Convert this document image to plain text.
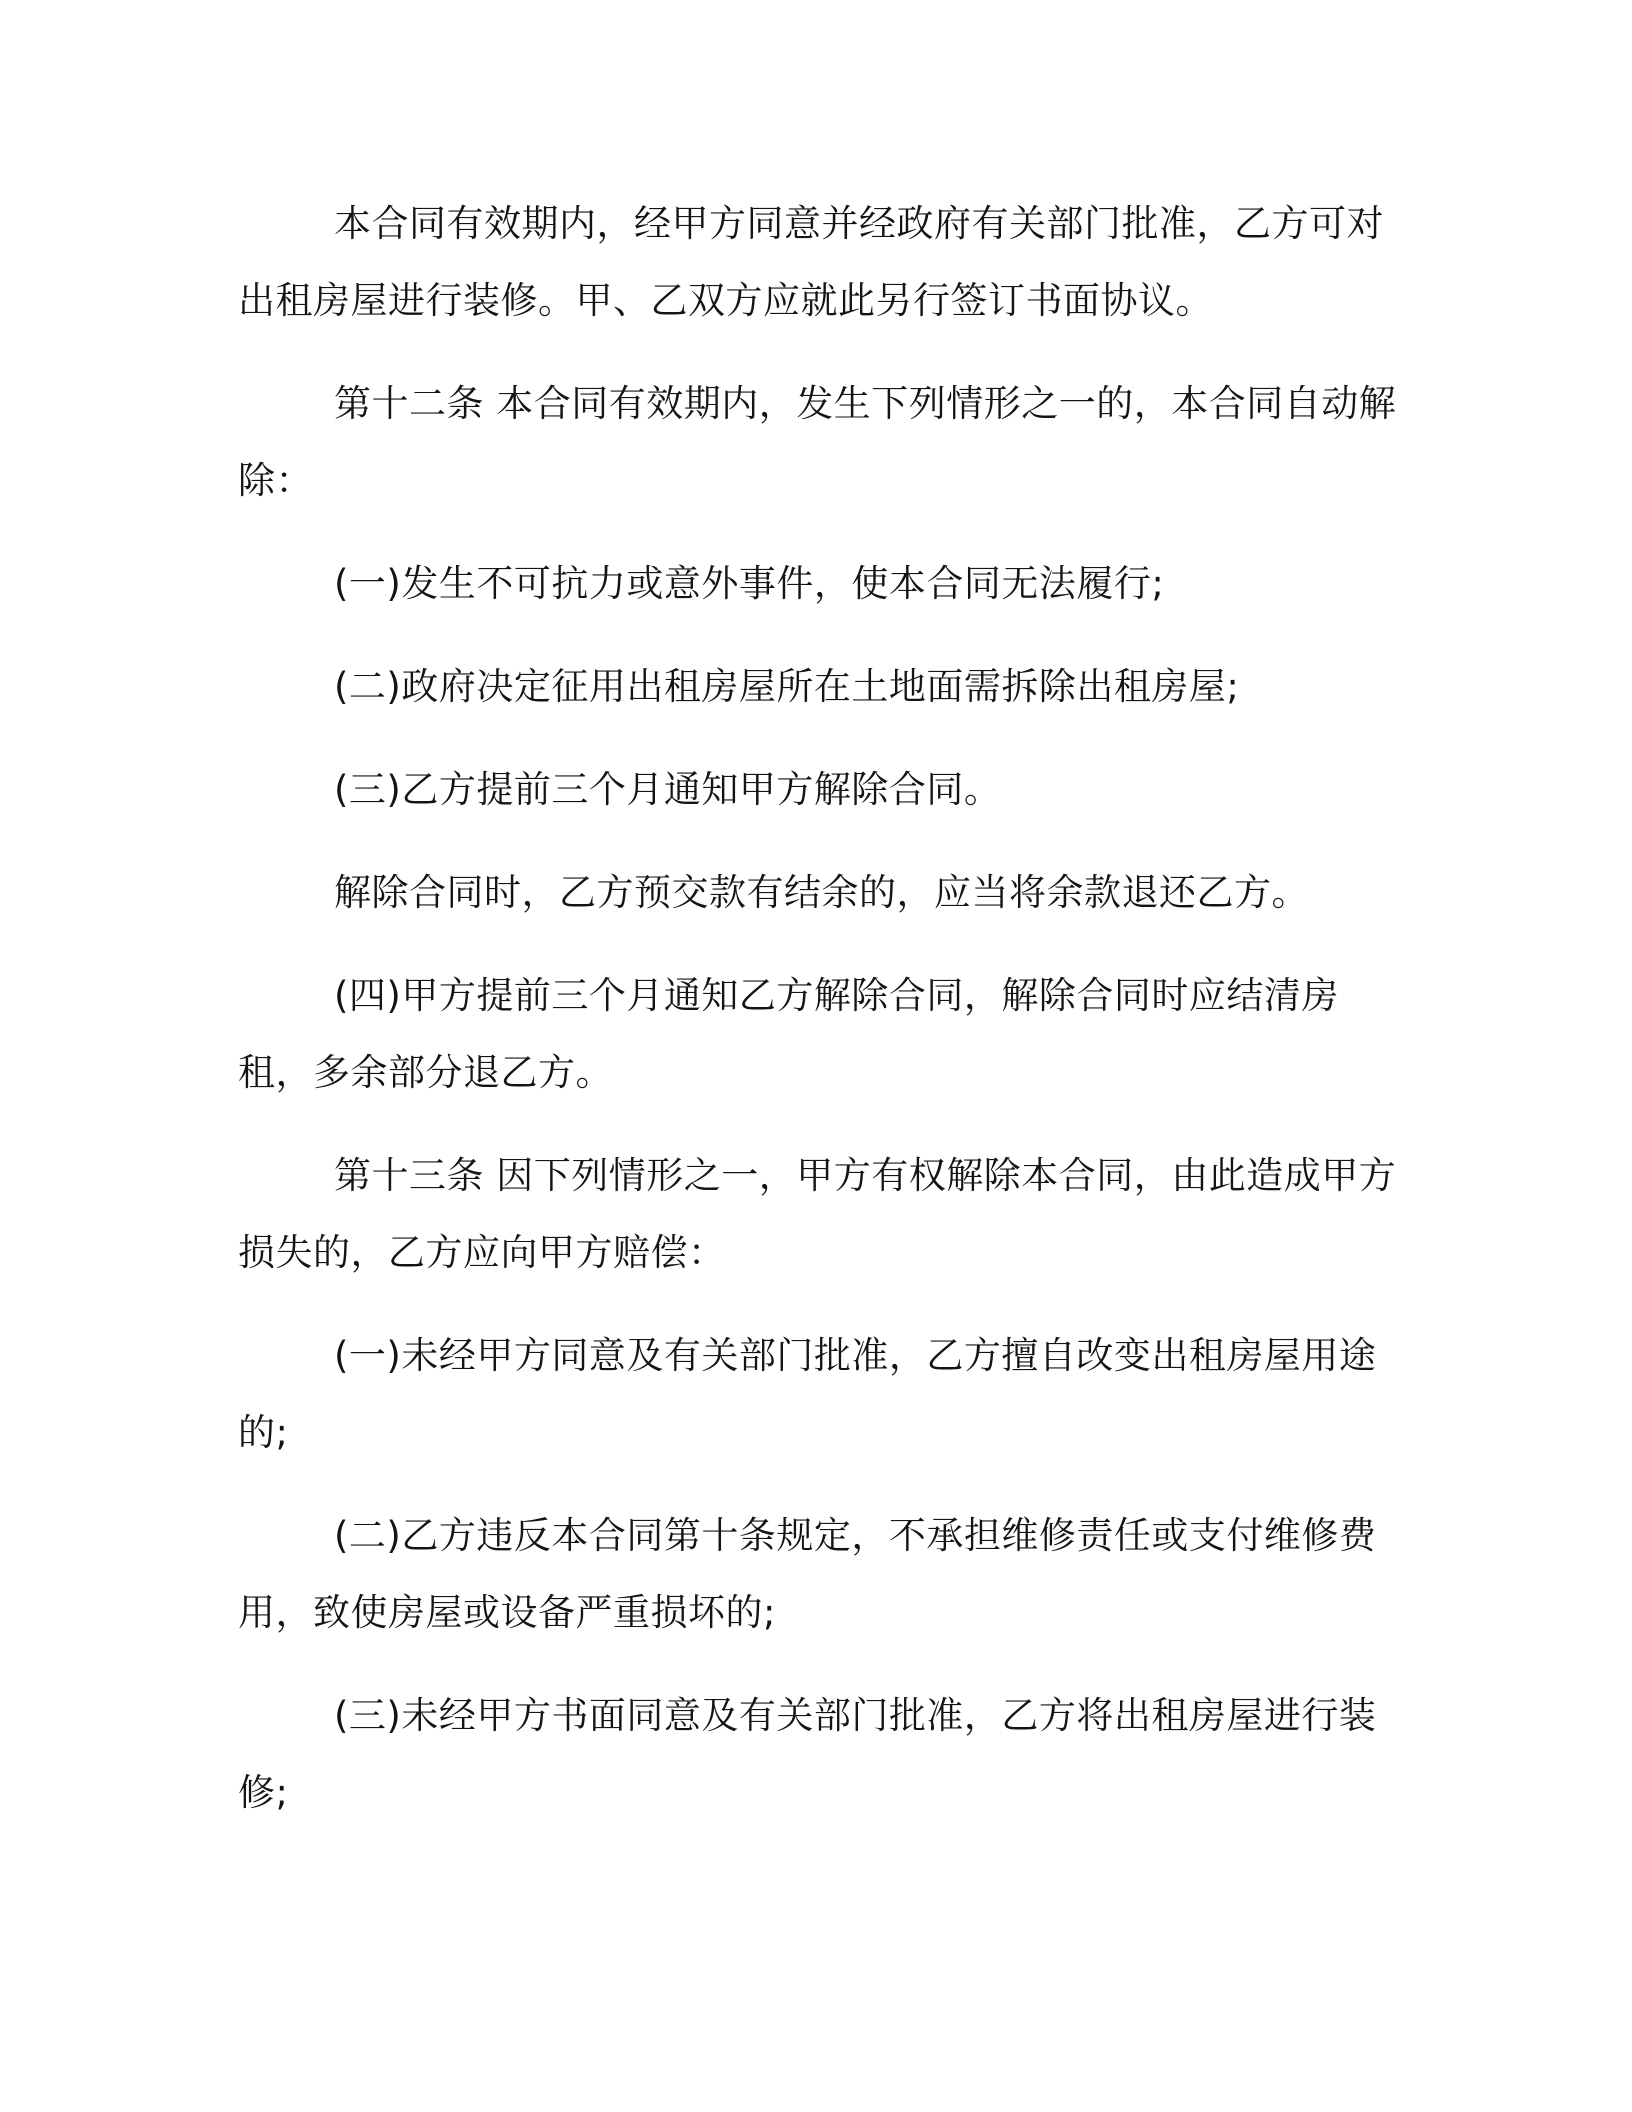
本合同有效期内，经甲方同意并经政府有关部门批准，乙方可对出租房屋进行装修。甲、乙双方应就此另行签订书面协议。

第十二条 本合同有效期内，发生下列情形之一的，本合同自动解除：

(一)发生不可抗力或意外事件，使本合同无法履行;

(二)政府决定征用出租房屋所在土地面需拆除出租房屋;

(三)乙方提前三个月通知甲方解除合同。

解除合同时，乙方预交款有结余的，应当将余款退还乙方。

(四)甲方提前三个月通知乙方解除合同，解除合同时应结清房租，多余部分退乙方。

第十三条 因下列情形之一，甲方有权解除本合同，由此造成甲方损失的，乙方应向甲方赔偿：

(一)未经甲方同意及有关部门批准，乙方擅自改变出租房屋用途的;

(二)乙方违反本合同第十条规定，不承担维修责任或支付维修费用，致使房屋或设备严重损坏的;

(三)未经甲方书面同意及有关部门批准，乙方将出租房屋进行装修;
